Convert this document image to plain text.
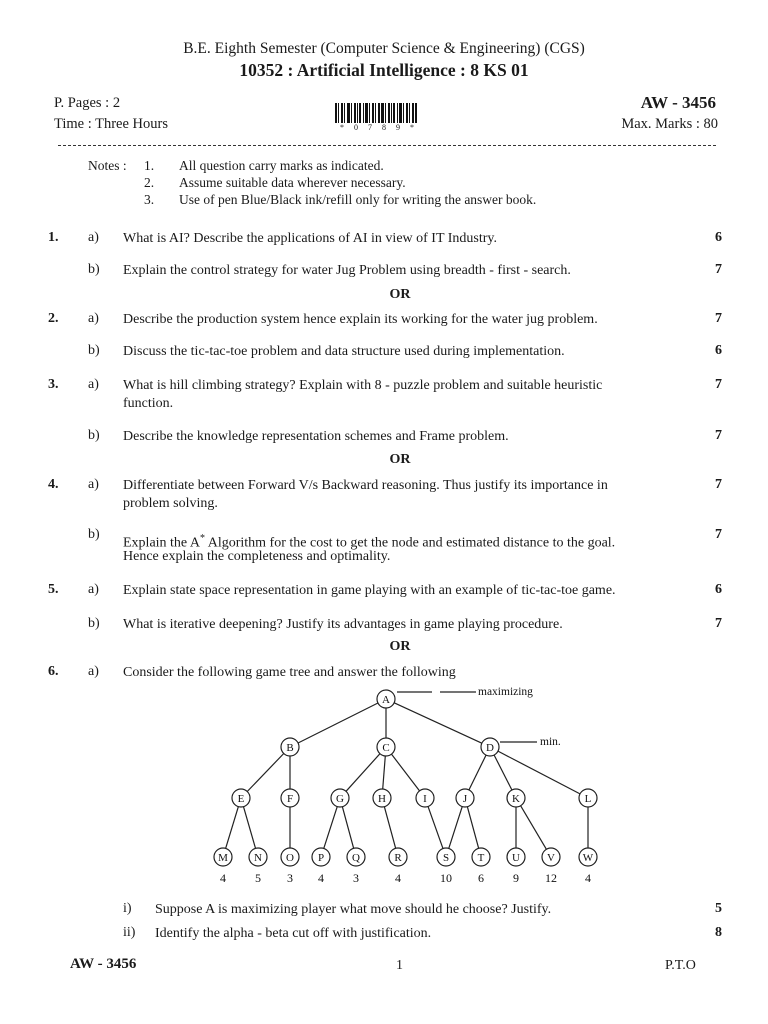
B.E. Eighth Semester (Computer Science & Engineering) (CGS)
10352 : Artificial Intelligence : 8 KS 01
P. Pages : 2
Time : Three Hours
AW - 3456
Max. Marks : 80
* 0 7 8 9 *
Notes : 1. All question carry marks as indicated.
2. Assume suitable data wherever necessary.
3. Use of pen Blue/Black ink/refill only for writing the answer book.
1. a) What is AI? Describe the applications of AI in view of IT Industry.	6
b) Explain the control strategy for water Jug Problem using breadth - first - search.	7
OR
2. a) Describe the production system hence explain its working for the water jug problem.	7
b) Discuss the tic-tac-toe problem and data structure used during implementation.	6
3. a) What is hill climbing strategy? Explain with 8 - puzzle problem and suitable heuristic
function.
7
b) Describe the knowledge representation schemes and Frame problem.	7
OR
4. a) Differentiate between Forward V/s Backward reasoning. Thus justify its importance in
problem solving.
7
b)
Explain the A* Algorithm for the cost to get the node and estimated distance to the goal.
Hence explain the completeness and optimality.
7
5. a) Explain state space representation in game playing with an example of tic-tac-toe game.	6
b) What is iterative deepening? Justify its advantages in game playing procedure.	7
OR
6. a) Consider the following game tree and answer the following
A
B	C	D
E	F	G	H	I	J	K	L
M N O P	Q	R	S	T	U V	W
4 5 3 4 3	4	10 6 9 12 4
maximizing
min.
i) Suppose A is maximizing player what move should he choose? Justify.	5
ii) Identify the alpha - beta cut off with justification.	8
AW - 3456	1	P.T.O
